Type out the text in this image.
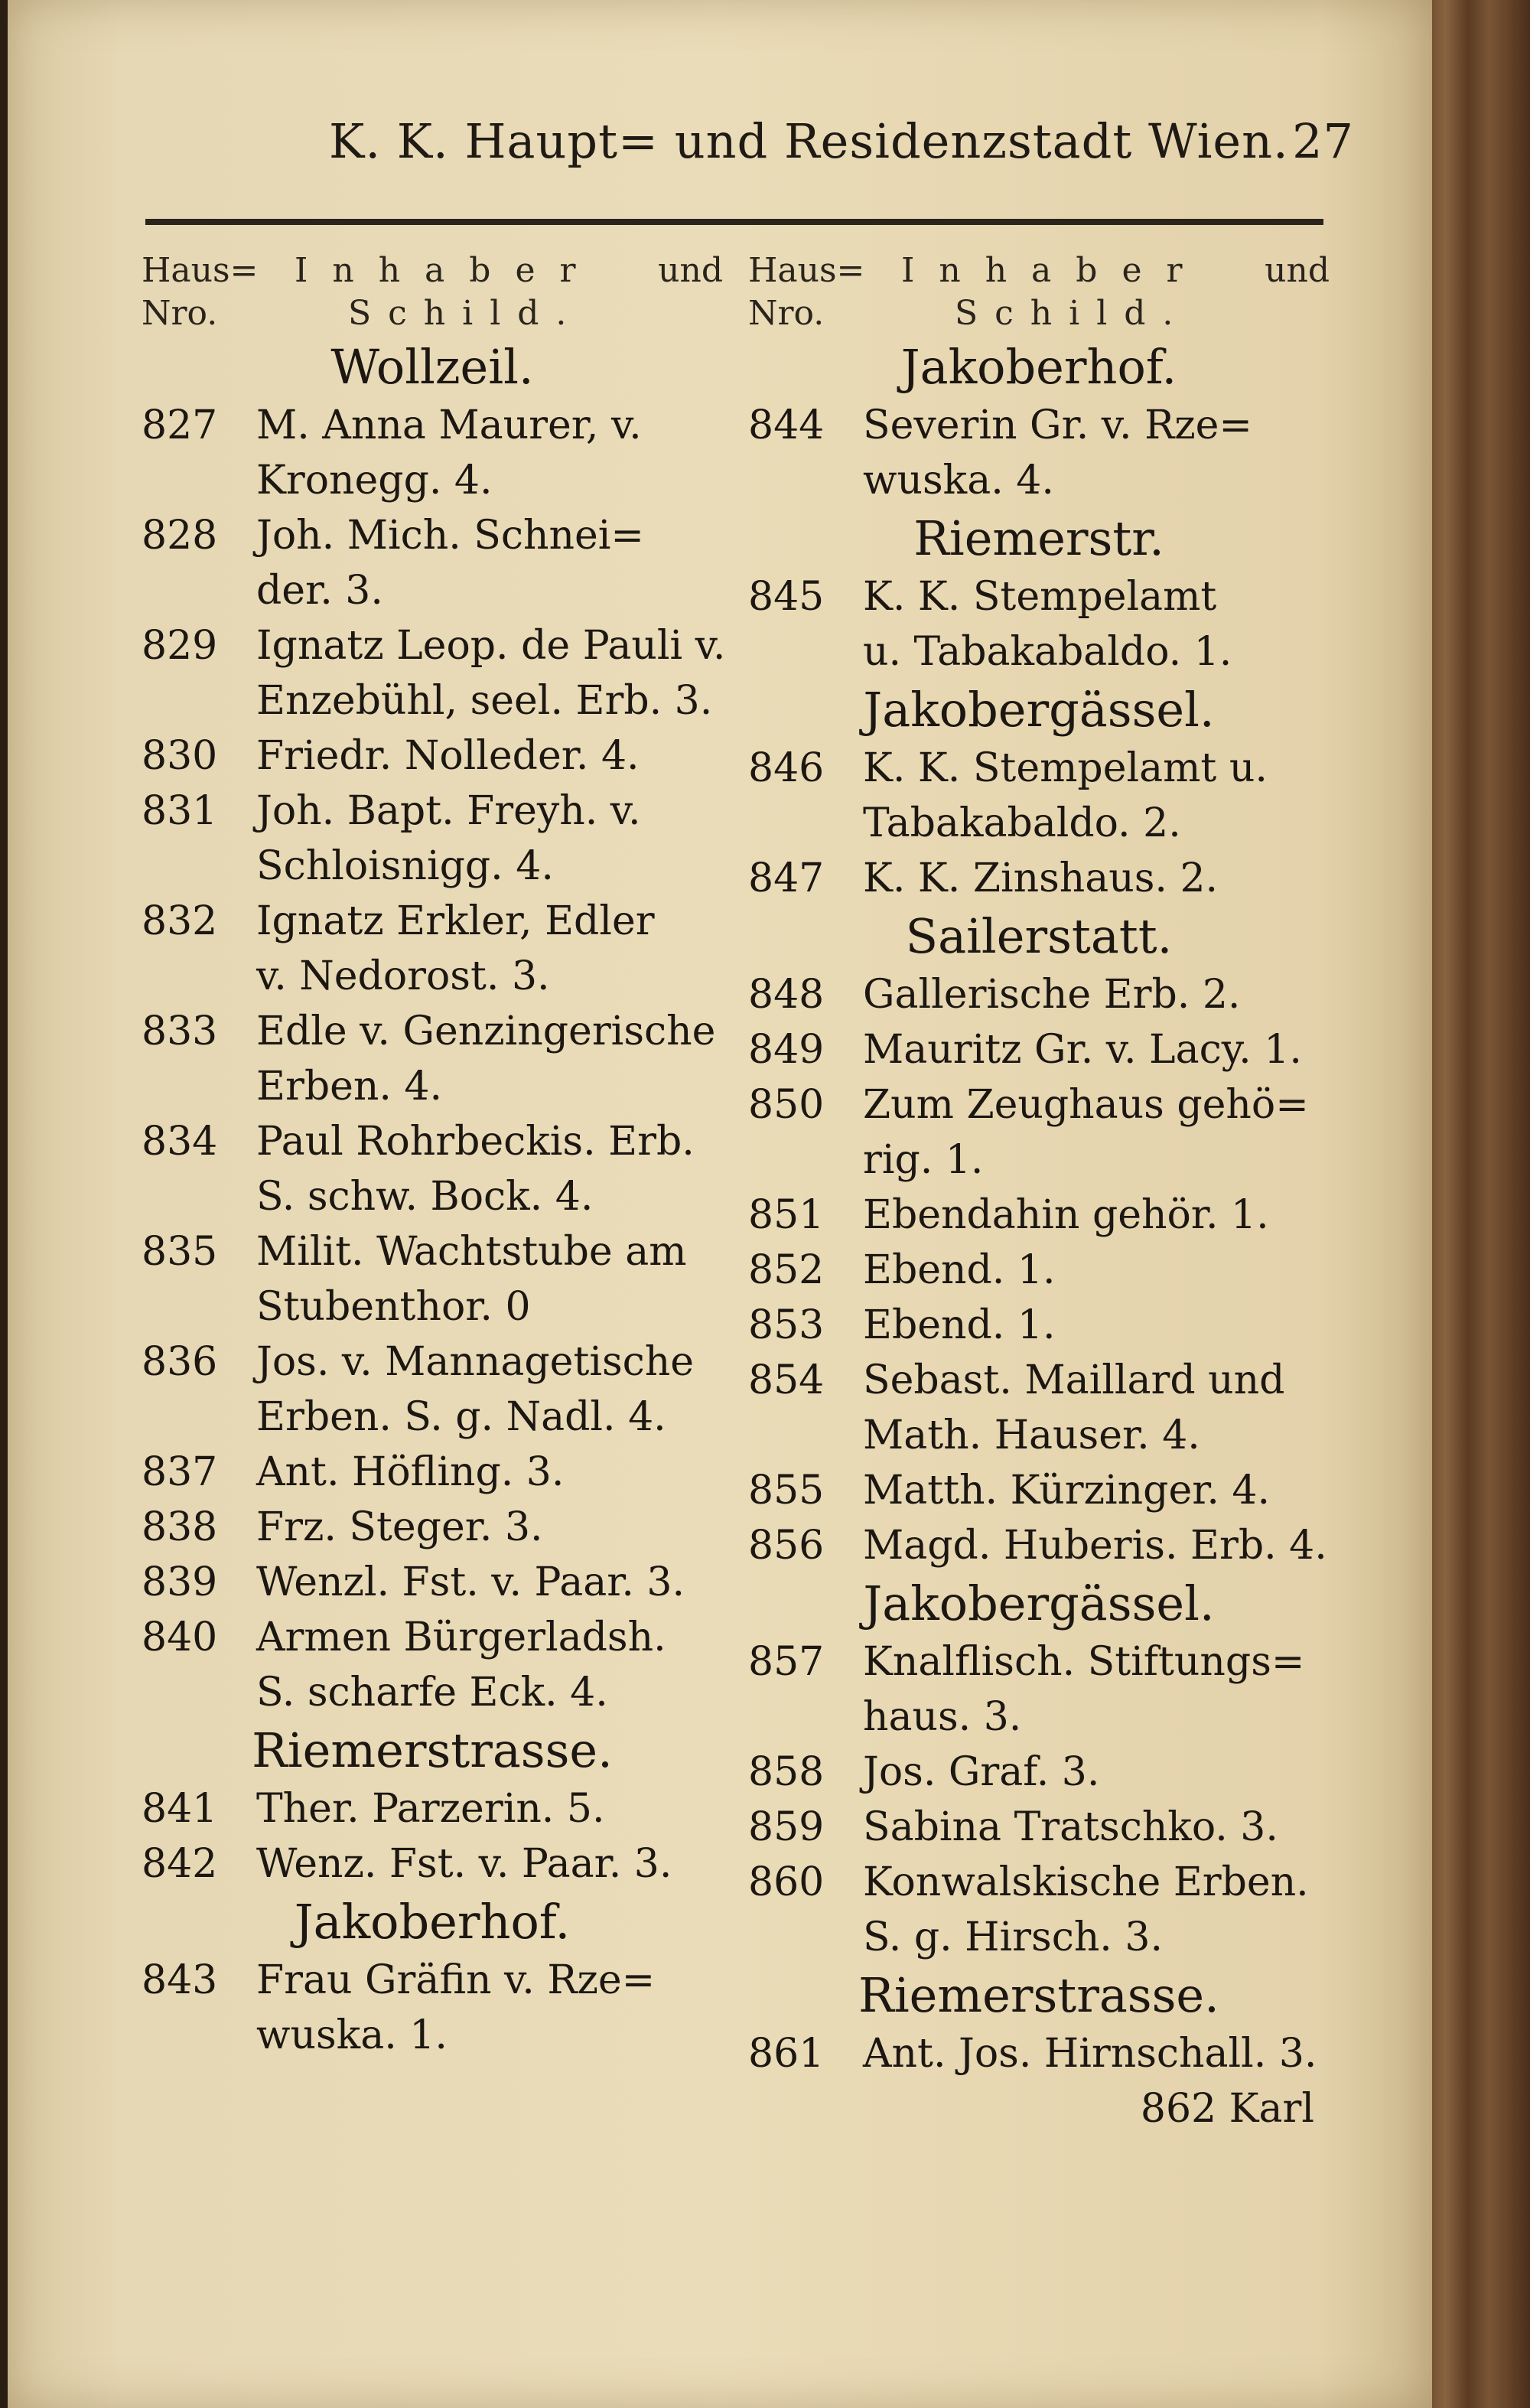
K. K. Haupt= und Residenzstadt Wien. 27
Haus=
Nro.
Inhaber und
Schild.
Wollzeil.
827 M. Anna Maurer, v.
Kronegg. 4.
828 Joh. Mich. Schnei=
der. 3.
829 Ignatz Leop. de Pauli v.
Enzebühl, seel. Erb. 3.
830 Friedr. Nolleder. 4.
831 Joh. Bapt. Freyh. v.
Schloisnigg. 4.
832 Ignatz Erkler, Edler
v. Nedorost. 3.
833 Edle v. Genzingerische
Erben. 4.
834 Paul Rohrbeckis. Erb.
S. schw. Bock. 4.
835 Milit. Wachtstube am
Stubenthor. 0
836 Jos. v. Mannagetische
Erben. S. g. Nadl. 4.
837 Ant. Höfling. 3.
838 Frz. Steger. 3.
839 Wenzl. Fst. v. Paar. 3.
840 Armen Bürgerladsh.
S. scharfe Eck. 4.
Riemerstrasse.
841 Ther. Parzerin. 5.
842 Wenz. Fst. v. Paar. 3.
Jakoberhof.
843 Frau Gräfin v. Rze=
wuska. 1.
Haus=
Nro.
Inhaber und
Schild.
Jakoberhof.
844 Severin Gr. v. Rze=
wuska. 4.
Riemerstr.
845 K. K. Stempelamt
u. Tabakabaldo. 1.
Jakobergässel.
846 K. K. Stempelamt u.
Tabakabaldo. 2.
847 K. K. Zinshaus. 2.
Sailerstatt.
848 Gallerische Erb. 2.
849 Mauritz Gr. v. Lacy. 1.
850 Zum Zeughaus gehö=
rig. 1.
851 Ebendahin gehör. 1.
852 Ebend. 1.
853 Ebend. 1.
854 Sebast. Maillard und
Math. Hauser. 4.
855 Matth. Kürzinger. 4.
856 Magd. Huberis. Erb. 4.
Jakobergässel.
857 Knalflisch. Stiftungs=
haus. 3.
858 Jos. Graf. 3.
859 Sabina Tratschko. 3.
860 Konwalskische Erben.
S. g. Hirsch. 3.
Riemerstrasse.
861 Ant. Jos. Hirnschall. 3.
862 Karl
